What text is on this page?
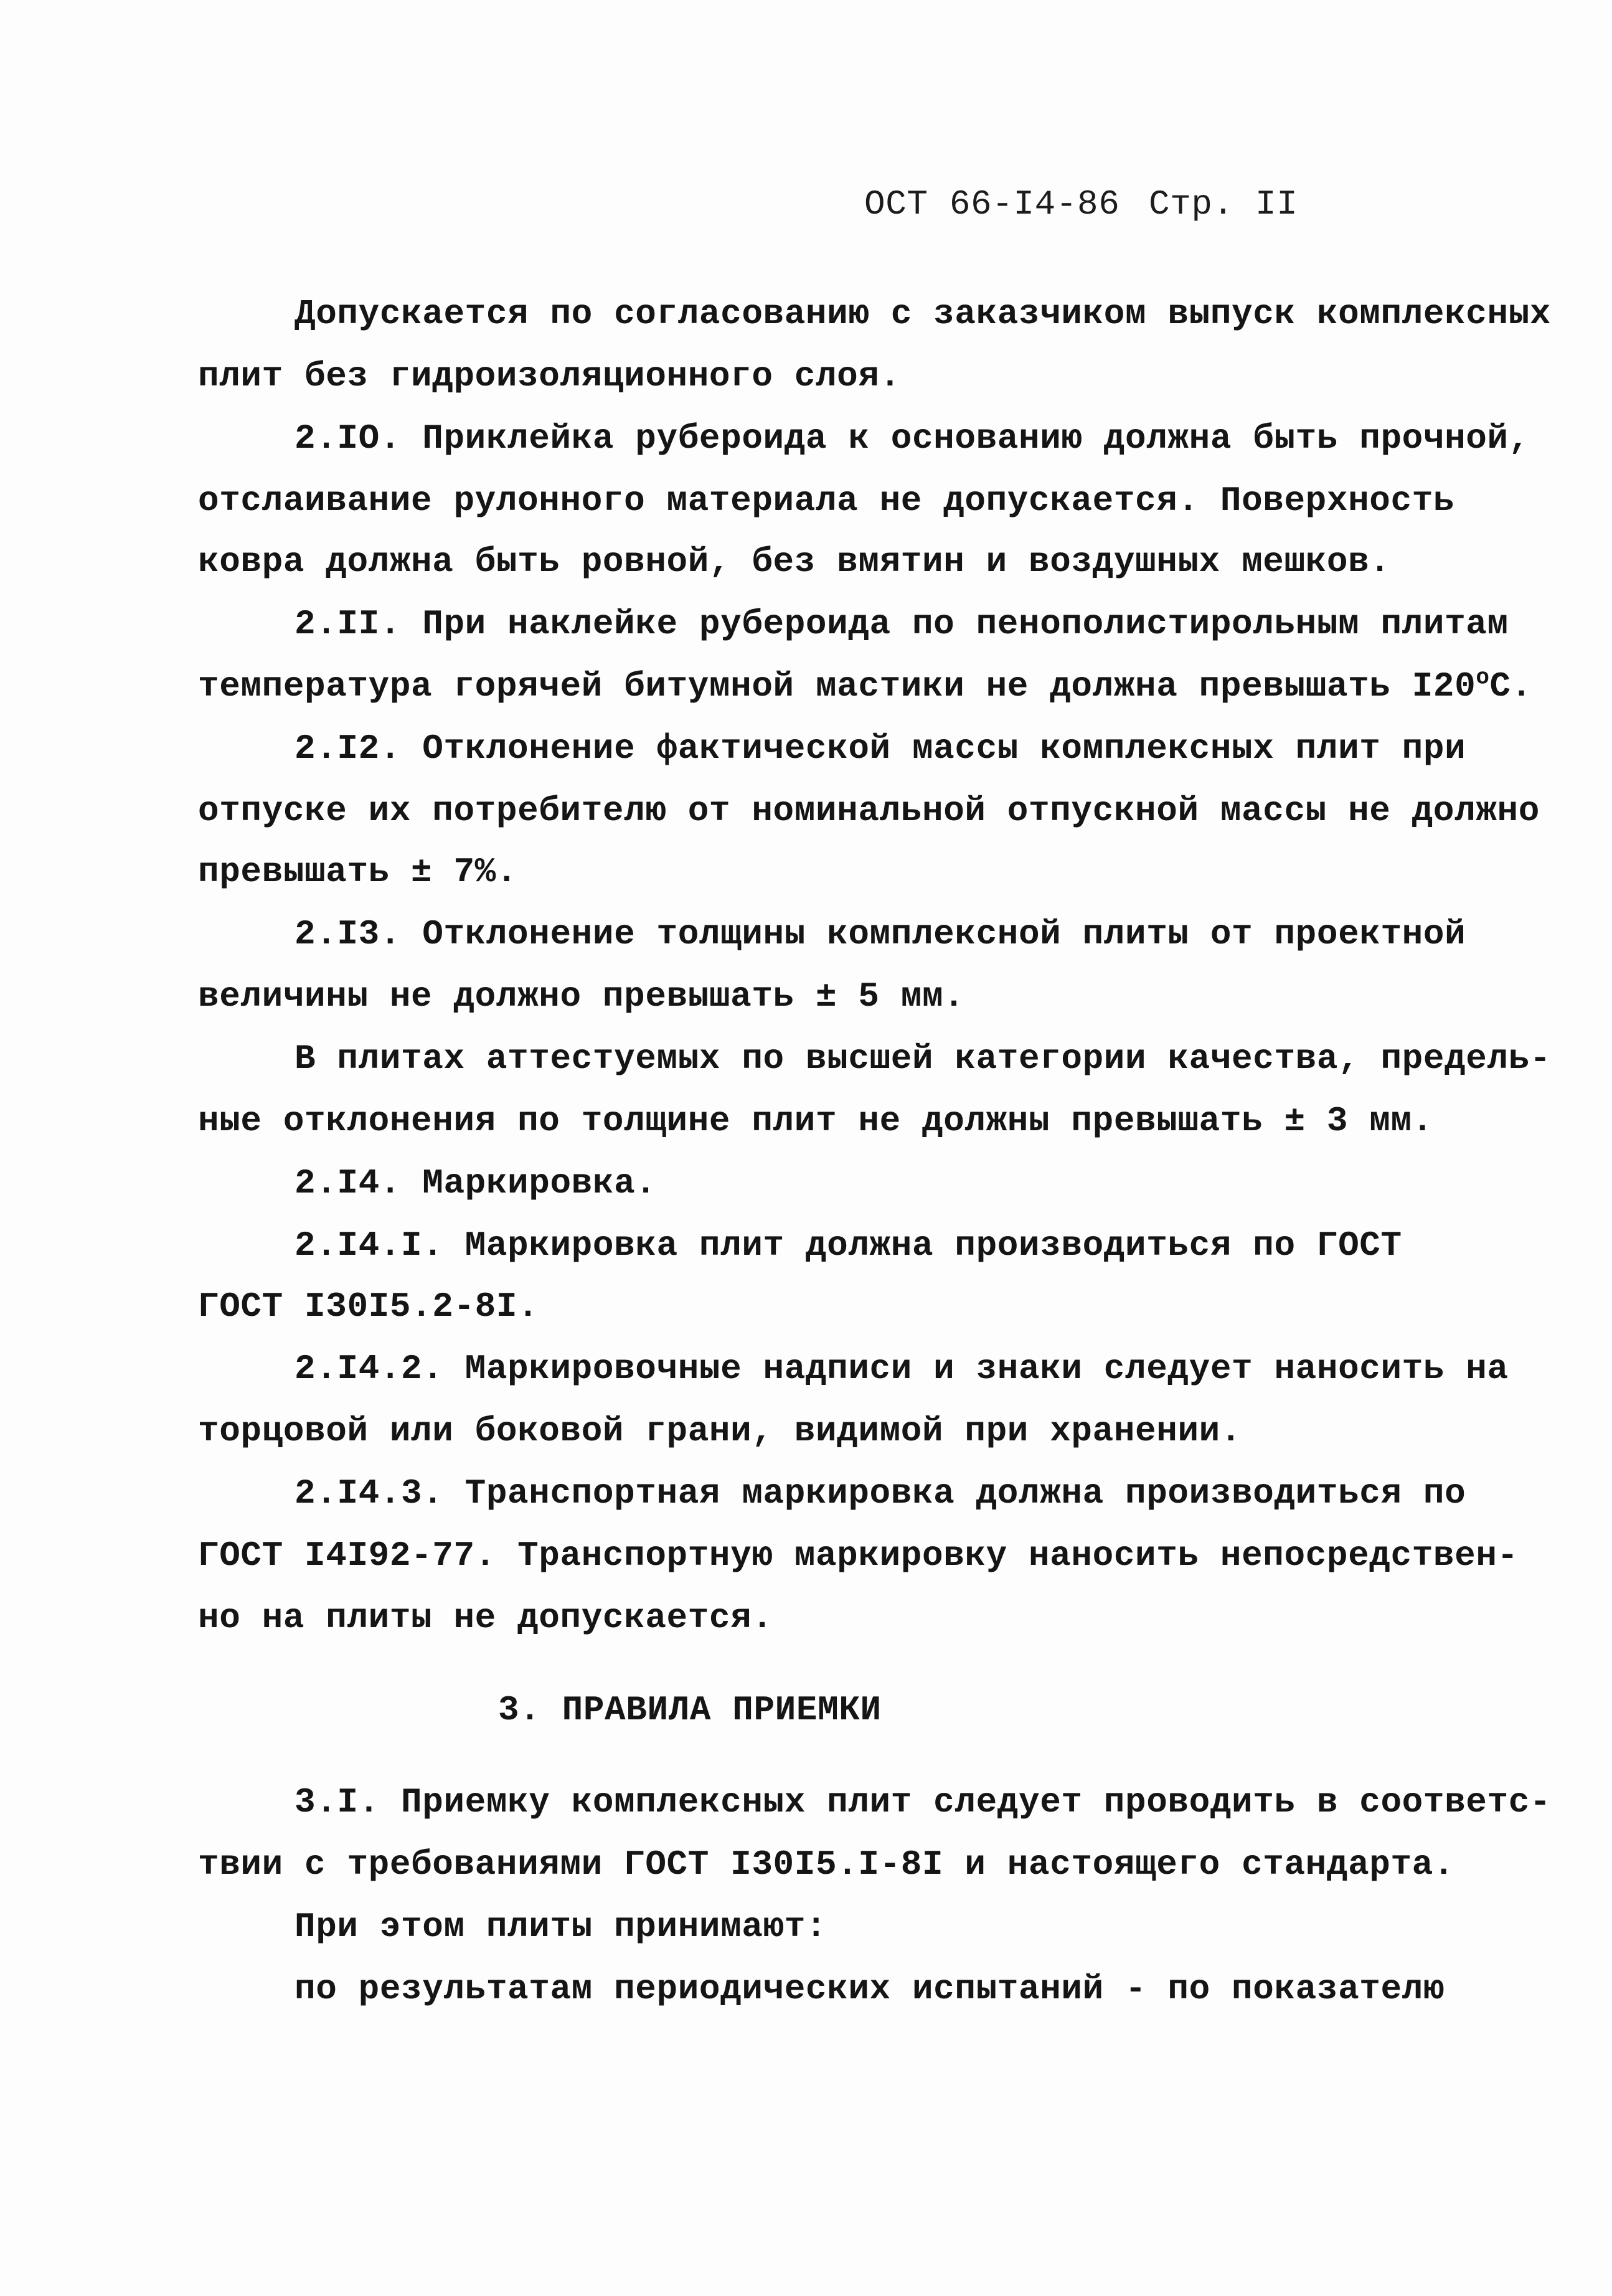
ОСТ 66-І4-86 Стр. II
Допускается по согласованию с заказчиком выпуск комплексных
плит без гидроизоляционного слоя.
2.IO. Приклейка рубероида к основанию должна быть прочной,
отслаивание рулонного материала не допускается. Поверхность
ковра должна быть ровной, без вмятин и воздушных мешков.
2.II. При наклейке рубероида по пенополистирольным плитам
температура горячей битумной мастики не должна превышать $І20^оС$.
2.I2. Отклонение фактической массы комплексных плит при
отпуске их потребителю от номинальной отпускной массы не должно
превышать ± 7%.
2.I3. Отклонение толщины комплексной плиты от проектной
величины не должно превышать ± 5 мм.
В плитах аттестуемых по высшей категории качества, предель-
ные отклонения по толщине плит не должны превышать ± 3 мм.
2.I4. Маркировка.
2.I4.I. Маркировка плит должна производиться по ГОСТ
ГОСТ I30I5.2-8I.
2.I4.2. Маркировочные надписи и знаки следует наносить на
торцовой или боковой грани, видимой при хранении.
2.I4.3. Транспортная маркировка должна производиться по
ГОСТ I4I92-77. Транспортную маркировку наносить непосредствен-
но на плиты не допускается.
3. ПРАВИЛА ПРИЕМКИ
3.I. Приемку комплексных плит следует проводить в соответс-
твии с требованиями ГОСТ I30I5.I-8I и настоящего стандарта.
При этом плиты принимают:
по результатам периодических испытаний - по показателю
